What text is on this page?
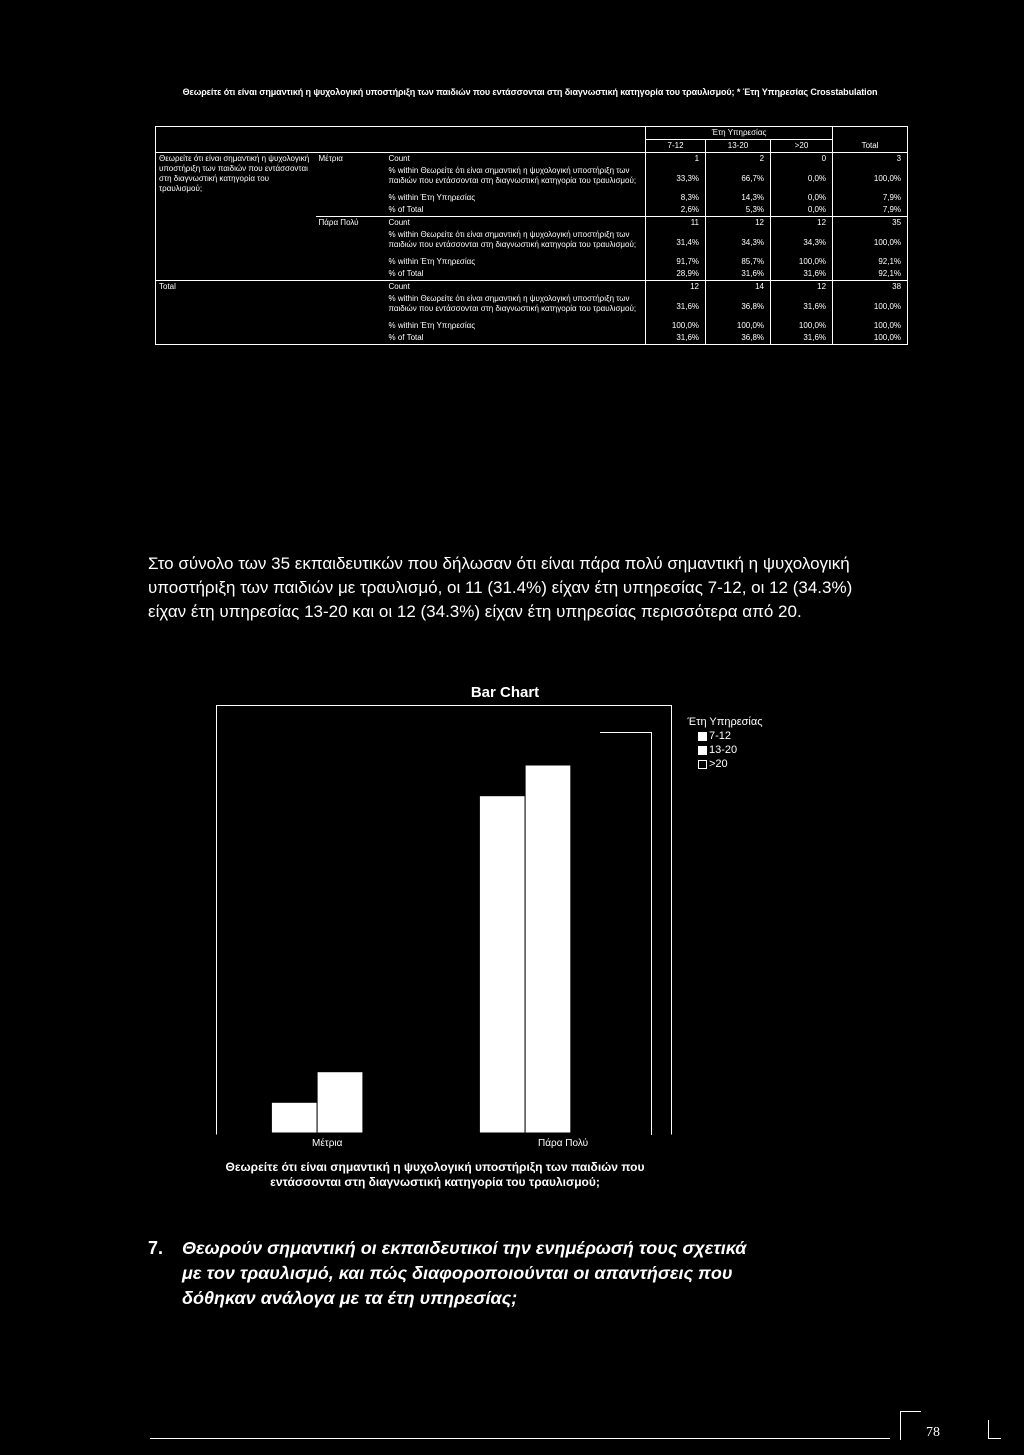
Θεωρείτε ότι είναι σημαντική η ψυχολογική υποστήριξη των παιδιών που εντάσσονται στη διαγνωστική κατηγορία του τραυλισμού; * Έτη Υπηρεσίας Crosstabulation
			Έτη Υπηρεσίας			
			7-12	13-20	>20	Total
Θεωρείτε ότι είναι σημαντική η ψυχολογική υποστήριξη των παιδιών που εντάσσονται στη διαγνωστική κατηγορία του τραυλισμού;	Μέτρια	Count	1	2	0	3
		% within Θεωρείτε ότι είναι σημαντική η ψυχολογική υποστήριξη των παιδιών που εντάσσονται στη διαγνωστική κατηγορία του τραυλισμού;	33,3%	66,7%	0,0%	100,0%
		% within Έτη Υπηρεσίας	8,3%	14,3%	0,0%	7,9%
		% of Total	2,6%	5,3%	0,0%	7,9%
	Πάρα Πολύ	Count	11	12	12	35
		% within Θεωρείτε ότι είναι σημαντική η ψυχολογική υποστήριξη των παιδιών που εντάσσονται στη διαγνωστική κατηγορία του τραυλισμού;	31,4%	34,3%	34,3%	100,0%
		% within Έτη Υπηρεσίας	91,7%	85,7%	100,0%	92,1%
		% of Total	28,9%	31,6%	31,6%	92,1%
Total		Count	12	14	12	38
		% within Θεωρείτε ότι είναι σημαντική η ψυχολογική υποστήριξη των παιδιών που εντάσσονται στη διαγνωστική κατηγορία του τραυλισμού;	31,6%	36,8%	31,6%	100,0%
		% within Έτη Υπηρεσίας	100,0%	100,0%	100,0%	100,0%
		% of Total	31,6%	36,8%	31,6%	100,0%
Στο σύνολο των 35 εκπαιδευτικών που δήλωσαν ότι είναι πάρα πολύ σημαντική η ψυχολογική υποστήριξη των παιδιών με τραυλισμό, οι 11 (31.4%) είχαν έτη υπηρεσίας 7-12, οι 12 (34.3%) είχαν έτη υπηρεσίας 13-20 και οι 12 (34.3%) είχαν έτη υπηρεσίας περισσότερα από 20.
Bar Chart
Έτη Υπηρεσίας
7-12
13-20
>20
Μέτρια	Πάρα Πολύ
Θεωρείτε ότι είναι σημαντική η ψυχολογική υποστήριξη των παιδιών που εντάσσονται στη διαγνωστική κατηγορία του τραυλισμού;
7. Θεωρούν σημαντική οι εκπαιδευτικοί την ενημέρωσή τους σχετικά
με τον τραυλισμό, και πώς διαφοροποιούνται οι απαντήσεις που
δόθηκαν ανάλογα με τα έτη υπηρεσίας;
78
